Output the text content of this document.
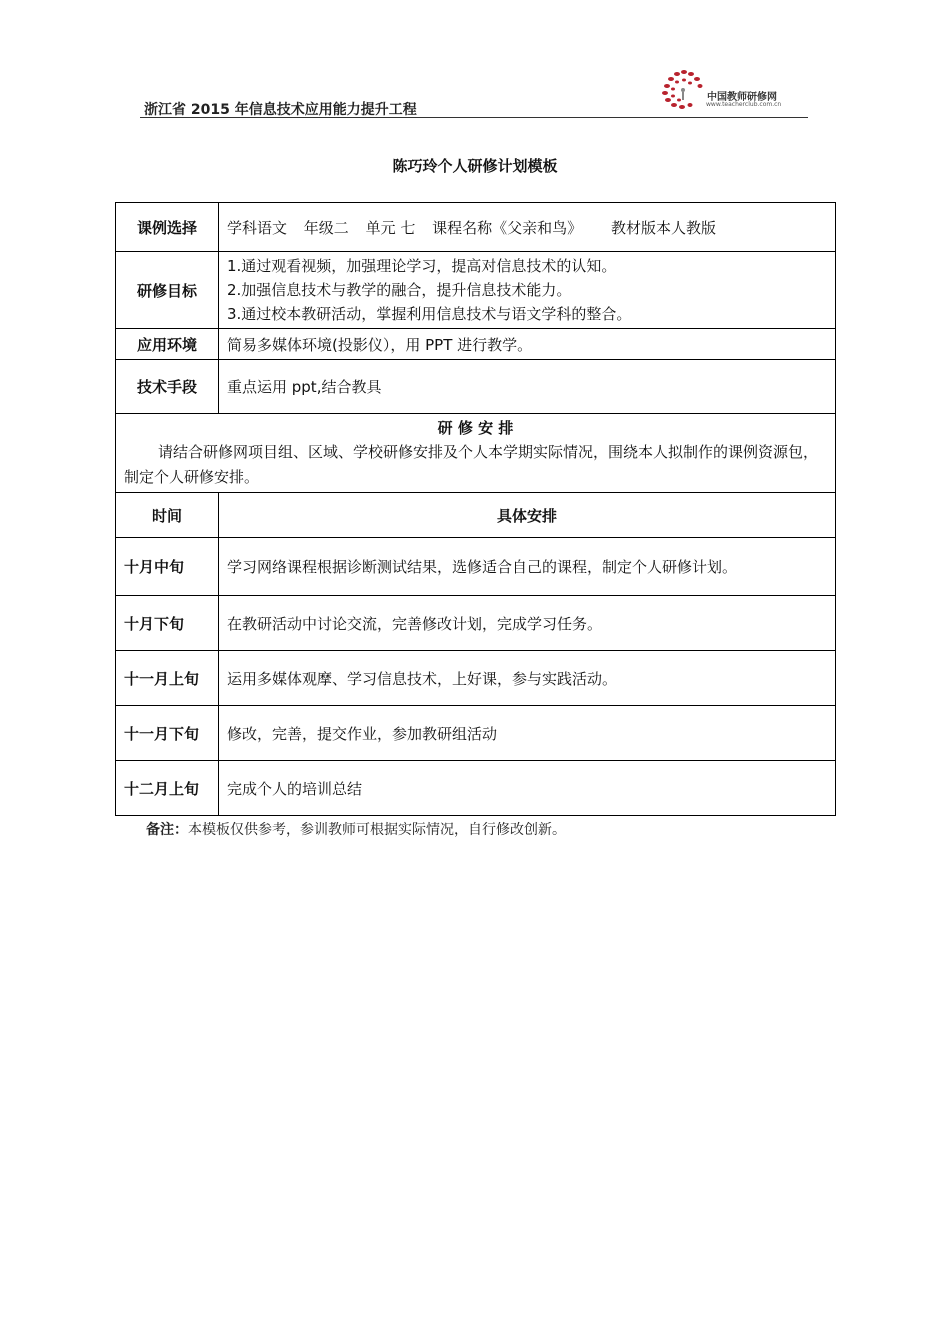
浙江省 2015 年信息技术应用能力提升工程
中国教师研修网
www.teacherclub.com.cn
陈巧玲个人研修计划模板
课例选择	学科语文 年级二 单元 七 课程名称《父亲和鸟》 教材版本人教版
研修目标	1.通过观看视频，加强理论学习，提高对信息技术的认知。
2.加强信息技术与教学的融合，提升信息技术能力。
3.通过校本教研活动，掌握利用信息技术与语文学科的整合。

应用环境	简易多媒体环境(投影仪），用 PPT 进行教学。
技术手段	重点运用 ppt,结合教具

研 修 安 排
请结合研修网项目组、区域、学校研修安排及个人本学期实际情况，围绕本人拟制作的课例资源包，制定个人研修安排。	

时间	具体安排
十月中旬	学习网络课程根据诊断测试结果，选修适合自己的课程，制定个人研修计划。
十月下旬	在教研活动中讨论交流，完善修改计划，完成学习任务。
十一月上旬	运用多媒体观摩、学习信息技术，上好课，参与实践活动。
十一月下旬	修改，完善，提交作业，参加教研组活动
十二月上旬	完成个人的培训总结
备注：本模板仅供参考，参训教师可根据实际情况，自行修改创新。
